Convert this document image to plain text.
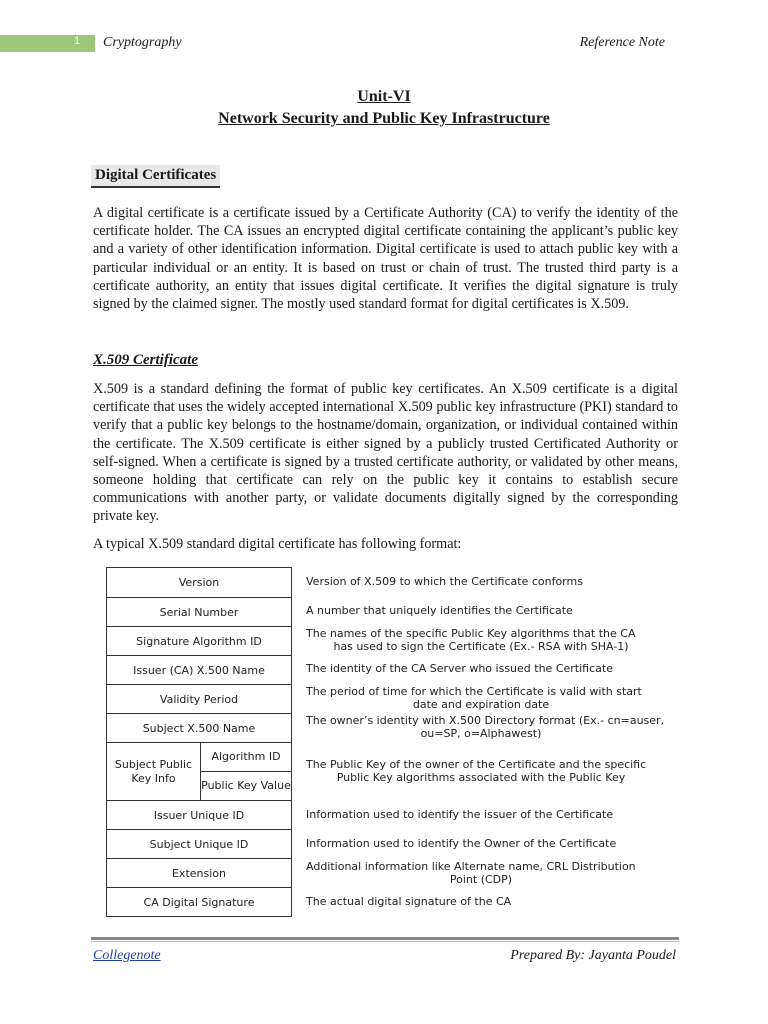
1 Cryptography	Reference Note
Unit-VI
Network Security and Public Key Infrastructure
Digital Certificates

A digital certificate is a certificate issued by a Certificate Authority (CA) to verify the identity of the certificate holder. The CA issues an encrypted digital certificate containing the applicant’s public key and a variety of other identification information. Digital certificate is used to attach public key with a particular individual or an entity. It is based on trust or chain of trust. The trusted third party is a certificate authority, an entity that issues digital certificate. It verifies the digital signature is truly signed by the claimed signer. The mostly used standard format for digital certificates is X.509.

X.509 Certificate

X.509 is a standard defining the format of public key certificates. An X.509 certificate is a digital certificate that uses the widely accepted international X.509 public key infrastructure (PKI) standard to verify that a public key belongs to the hostname/domain, organization, or individual contained within the certificate. The X.509 certificate is either signed by a publicly trusted Certificated Authority or self-signed. When a certificate is signed by a trusted certificate authority, or validated by other means, someone holding that certificate can rely on the public key it contains to establish secure communications with another party, or validate documents digitally signed by the corresponding private key.

A typical X.509 standard digital certificate has following format:

Version
Serial Number
Signature Algorithm ID
Issuer (CA) X.500 Name
Validity Period
Subject X.500 Name
Subject Public Key Info
Algorithm ID
Public Key Value
Issuer Unique ID
Subject Unique ID
Extension
CA Digital Signature
Version of X.509 to which the Certificate conforms
A number that uniquely identifies the Certificate
The names of the specific Public Key algorithms that the CA
has used to sign the Certificate (Ex.- RSA with SHA-1)
The identity of the CA Server who issued the Certificate
The period of time for which the Certificate is valid with start
date and expiration date
The owner’s identity with X.500 Directory format (Ex.- cn=auser,
ou=SP, o=Alphawest)
The Public Key of the owner of the Certificate and the specific
Public Key algorithms associated with the Public Key
Information used to identify the issuer of the Certificate
Information used to identify the Owner of the Certificate
Additional information like Alternate name, CRL Distribution
Point (CDP)
The actual digital signature of the CA
Collegenote	Prepared By: Jayanta Poudel
